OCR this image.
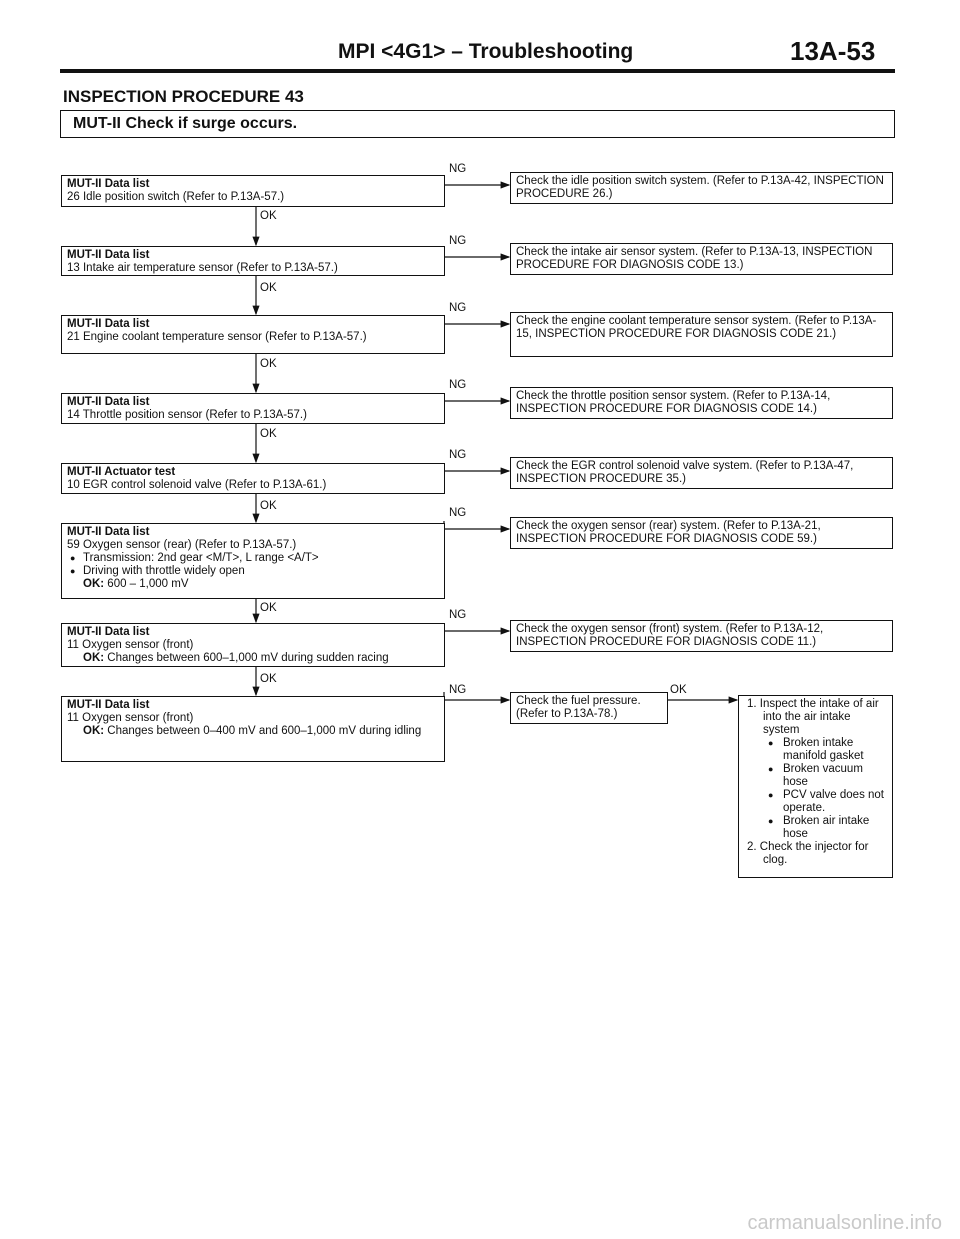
MPI <4G1> – Troubleshooting	13A-53
INSPECTION PROCEDURE 43
MUT-II Check if surge occurs.
MUT-II Data list
26 Idle position switch (Refer to P.13A-57.)
MUT-II Data list
13 Intake air temperature sensor (Refer to P.13A-57.)
MUT-II Data list
21 Engine coolant temperature sensor (Refer to P.13A-57.)
MUT-II Data list
14 Throttle position sensor (Refer to P.13A-57.)
MUT-II Actuator test
10 EGR control solenoid valve (Refer to P.13A-61.)
MUT-II Data list
59 Oxygen sensor (rear) (Refer to P.13A-57.)
● Transmission: 2nd gear <M/T>, L range <A/T>
● Driving with throttle widely open
OK: 600 – 1,000 mV
MUT-II Data list
11 Oxygen sensor (front)
OK: Changes between 600–1,000 mV during sudden racing
MUT-II Data list
11 Oxygen sensor (front)
OK: Changes between 0–400 mV and 600–1,000 mV during idling
OK
OK
OK
OK
OK
OK
OK
OK
NG
NG
NG
NG
NG
NG
NG
NG
Check the idle position switch system. (Refer to P.13A-42, INSPECTION PROCEDURE 26.)
Check the intake air sensor system. (Refer to P.13A-13, INSPECTION PROCEDURE FOR DIAGNOSIS CODE 13.)
Check the engine coolant temperature sensor system. (Refer to P.13A-15, INSPECTION PROCEDURE FOR DIAGNOSIS CODE 21.)
Check the throttle position sensor system. (Refer to P.13A-14, INSPECTION PROCEDURE FOR DIAGNOSIS CODE 14.)
Check the EGR control solenoid valve system. (Refer to P.13A-47, INSPECTION PROCEDURE 35.)
Check the oxygen sensor (rear) system. (Refer to P.13A-21, INSPECTION PROCEDURE FOR DIAGNOSIS CODE 59.)
Check the oxygen sensor (front) system. (Refer to P.13A-12, INSPECTION PROCEDURE FOR DIAGNOSIS CODE 11.)
Check the fuel pressure. (Refer to P.13A-78.)
1. Inspect the intake of air into the air intake system
● Broken intake manifold gasket
● Broken vacuum hose
● PCV valve does not operate.
● Broken air intake hose
2. Check the injector for clog.
carmanualsonline.info
